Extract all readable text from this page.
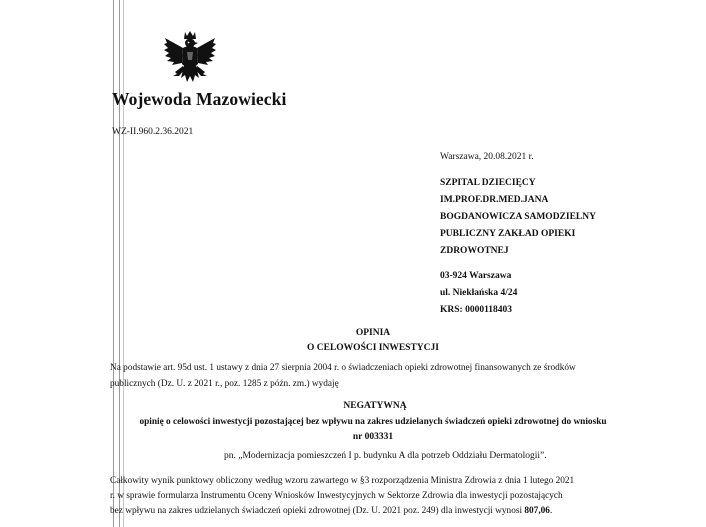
Wojewoda Mazowiecki
WZ-II.960.2.36.2021
Warszawa, 20.08.2021 r.
SZPITAL DZIECIĘCY
IM.PROF.DR.MED.JANA
BOGDANOWICZA SAMODZIELNY
PUBLICZNY ZAKŁAD OPIEKI
ZDROWOTNEJ
03-924 Warszawa
ul. Niekłańska 4/24
KRS: 0000118403
OPINIA
O CELOWOŚCI INWESTYCJI
Na podstawie art. 95d ust. 1 ustawy z dnia 27 sierpnia 2004 r. o świadczeniach opieki zdrowotnej finansowanych ze środków
publicznych (Dz. U. z 2021 r., poz. 1285 z późn. zm.) wydaję
NEGATYWNĄ
opinię o celowości inwestycji pozostającej bez wpływu na zakres udzielanych świadczeń opieki zdrowotnej do wniosku
nr 003331
pn. „Modernizacja pomieszczeń I p. budynku A dla potrzeb Oddziału Dermatologii”.
Całkowity wynik punktowy obliczony według wzoru zawartego w §3 rozporządzenia Ministra Zdrowia z dnia 1 lutego 2021
r. w sprawie formularza Instrumentu Oceny Wniosków Inwestycyjnych w Sektorze Zdrowia dla inwestycji pozostających
bez wpływu na zakres udzielanych świadczeń opieki zdrowotnej (Dz. U. 2021 poz. 249) dla inwestycji wynosi 807,06.
